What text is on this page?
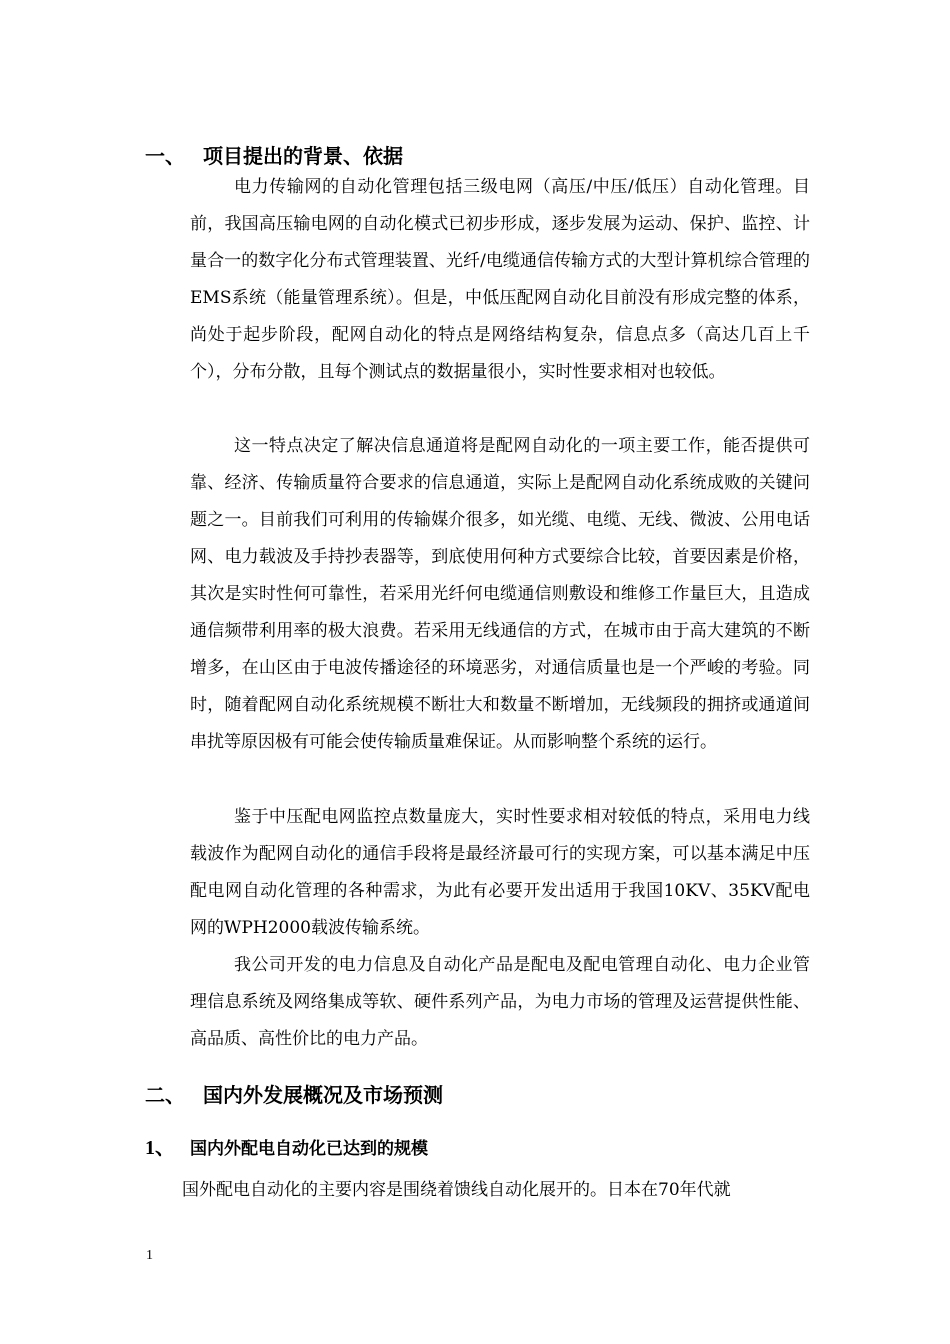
一、 项目提出的背景、依据

电力传输网的自动化管理包括三级电网（高压/中压/低压）自动化管理。目前，我国高压输电网的自动化模式已初步形成，逐步发展为运动、保护、监控、计量合一的数字化分布式管理装置、光纤/电缆通信传输方式的大型计算机综合管理的EMS系统（能量管理系统）。但是，中低压配网自动化目前没有形成完整的体系，尚处于起步阶段，配网自动化的特点是网络结构复杂，信息点多（高达几百上千个），分布分散，且每个测试点的数据量很小，实时性要求相对也较低。

这一特点决定了解决信息通道将是配网自动化的一项主要工作，能否提供可靠、经济、传输质量符合要求的信息通道，实际上是配网自动化系统成败的关键问题之一。目前我们可利用的传输媒介很多，如光缆、电缆、无线、微波、公用电话网、电力载波及手持抄表器等，到底使用何种方式要综合比较，首要因素是价格，其次是实时性何可靠性，若采用光纤何电缆通信则敷设和维修工作量巨大，且造成通信频带利用率的极大浪费。若采用无线通信的方式，在城市由于高大建筑的不断增多，在山区由于电波传播途径的环境恶劣，对通信质量也是一个严峻的考验。同时，随着配网自动化系统规模不断壮大和数量不断增加，无线频段的拥挤或通道间串扰等原因极有可能会使传输质量难保证。从而影响整个系统的运行。

鉴于中压配电网监控点数量庞大，实时性要求相对较低的特点，采用电力线载波作为配网自动化的通信手段将是最经济最可行的实现方案，可以基本满足中压配电网自动化管理的各种需求，为此有必要开发出适用于我国10KV、35KV配电网的WPH2000载波传输系统。

我公司开发的电力信息及自动化产品是配电及配电管理自动化、电力企业管理信息系统及网络集成等软、硬件系列产品，为电力市场的管理及运营提供性能、高品质、高性价比的电力产品。

二、 国内外发展概况及市场预测
1、 国内外配电自动化已达到的规模

国外配电自动化的主要内容是围绕着馈线自动化展开的。日本在70年代就

1
